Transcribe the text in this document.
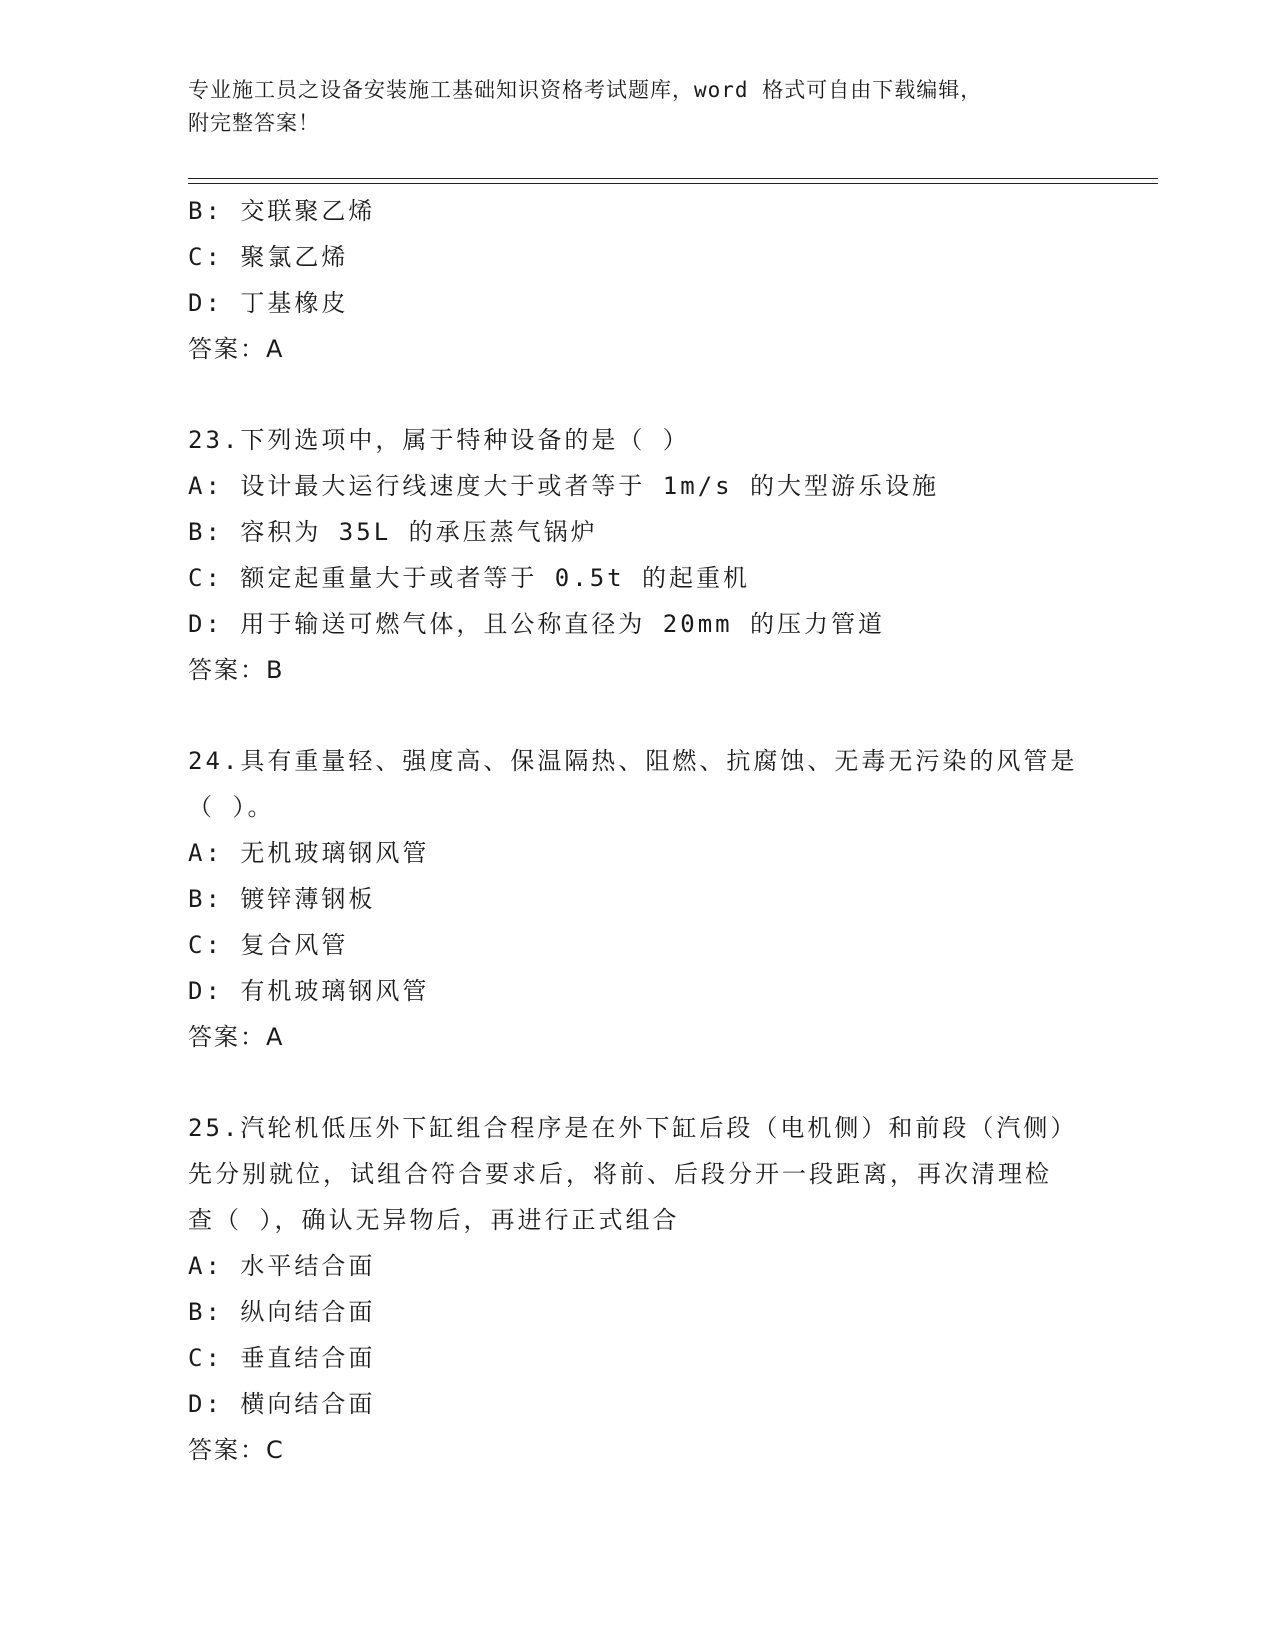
专业施工员之设备安装施工基础知识资格考试题库，word 格式可自由下载编辑，
附完整答案！
B: 交联聚乙烯
C: 聚氯乙烯
D: 丁基橡皮
答案：A
23.下列选项中，属于特种设备的是（ ）
A: 设计最大运行线速度大于或者等于 1m/s 的大型游乐设施
B: 容积为 35L 的承压蒸气锅炉
C: 额定起重量大于或者等于 0.5t 的起重机
D: 用于输送可燃气体，且公称直径为 20mm 的压力管道
答案：B
24.具有重量轻、强度高、保温隔热、阻燃、抗腐蚀、无毒无污染的风管是（ ）。
A: 无机玻璃钢风管
B: 镀锌薄钢板
C: 复合风管
D: 有机玻璃钢风管
答案：A
25.汽轮机低压外下缸组合程序是在外下缸后段（电机侧）和前段（汽侧）先分别就位，试组合符合要求后，将前、后段分开一段距离，再次清理检查（ ），确认无异物后，再进行正式组合
A: 水平结合面
B: 纵向结合面
C: 垂直结合面
D: 横向结合面
答案：C
